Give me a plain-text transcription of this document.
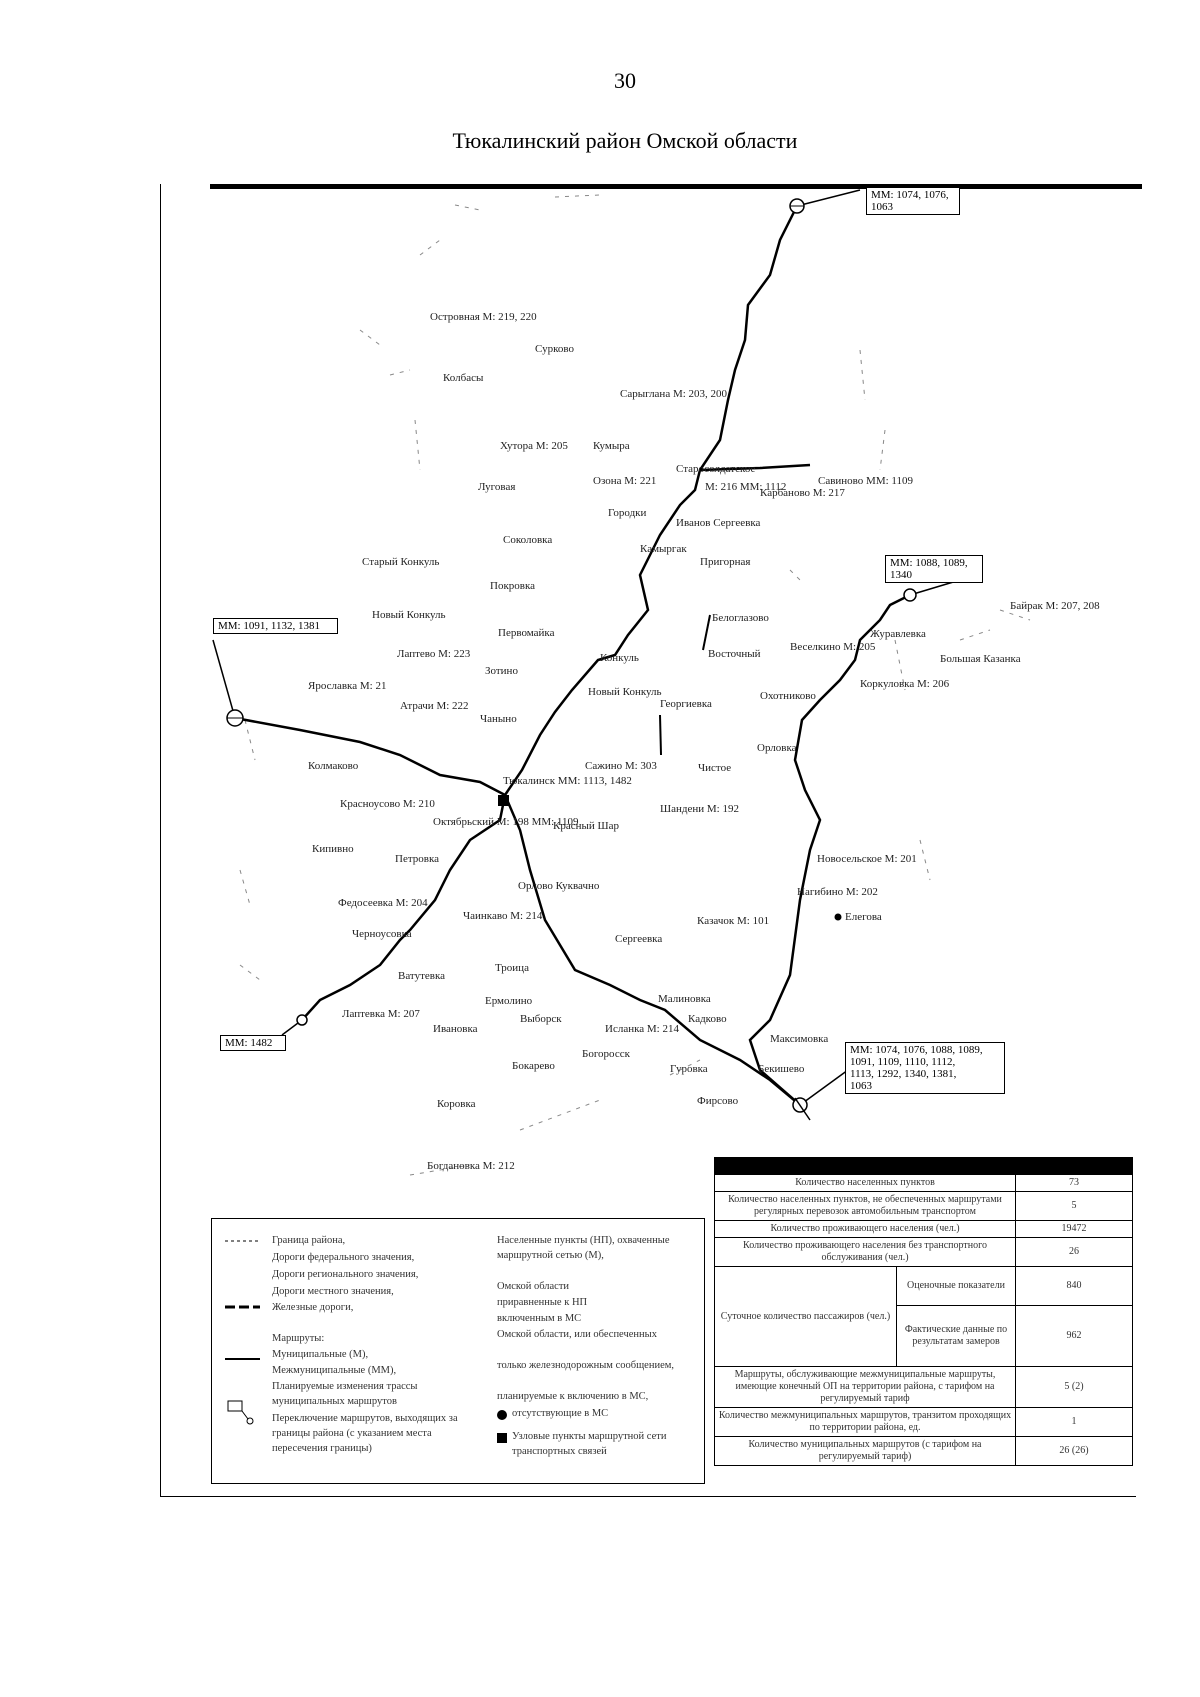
30
Тюкалинский район Омской области
ММ: 1074, 1076,
1063
ММ: 1091, 1132, 1381
ММ: 1088, 1089,
1340
ММ: 1482
ММ: 1074, 1076, 1088, 1089,
1091, 1109, 1110, 1112,
1113, 1292, 1340, 1381,
1063
Островная М: 219, 220
Сурково
Колбасы
Сарыглана М: 203, 200
Хутора М: 205 Кумыра
Озона М: 221
Луговая
Старосолдатское
Савиново ММ: 1109
М: 216 ММ: 1112
Карбаново М: 217
Городки
Иванов Сергеевка
Соколовка
Камыргак
Старый Конкуль	Пригорная
Покровка
Новый Конкуль	Белоглазово
Первомайка
Конкуль	Восточный
Веселкино М: 205
Лаптево М: 223
Зотино
Новый Конкуль
Георгиевка
Охотниково
Ярославка М: 21
Атрачи М: 222
Чаныно
Коркуловка М: 206
Журавлевка
Байрак М: 207, 208
Большая Казанка
Орловка
Колмаково
Тюкалинск ММ: 1113, 1482
Сажино М: 303	Чистое
Красноусово М: 210
Октябрьский М: 198 ММ: 1109
Красный Шар
Шандени М: 192
Кипивно
Петровка	Новосельское М: 201
Нагибино М: 202
Елегова
Орлово Куквачно
Федосеевка М: 204
Чаинкаво М: 214	Казачок М: 101
Черноусовка	Сергеевка
Ватутевка
Троица
Малиновка
Ермолино
Лаптевка М: 207	Выборск	Кадково
Ивановка	Исланка М: 214
Максимовка
Богоросск
Бокарево	Гуровка	Бекишево
Фирсово
Коровка
Богдановка М: 212
Граница района,
Дороги федерального значения,
Дороги регионального значения,
Дороги местного значения,
Железные дороги,
Маршруты:
Муниципальные (М),
Межмуниципальные (ММ),
Планируемые изменения трассы муниципальных маршрутов
Переключение маршрутов, выходящих за границы района (с указанием места пересечения границы)
Населенные пункты (НП), охваченные маршрутной сетью (М),
Омской области
приравненные к НП
включенным в МС
Омской области, или обеспеченных
только железнодорожным сообщением,
планируемые к включению в МС,
отсутствующие в МС
Узловые пункты маршрутной сети транспортных связей

Количество населенных пунктов		73
Количество населенных пунктов, не обеспеченных маршрутами регулярных перевозок автомобильным транспортом		5
Количество проживающего населения (чел.)		19472
Количество проживающего населения без транспортного обслуживания (чел.)		26
Суточное количество пассажиров (чел.)	Оценочные показатели	840
	Фактические данные по результатам замеров	962
Маршруты, обслуживающие межмуниципальные маршруты, имеющие конечный ОП на территории района, с тарифом на регулируемый тариф		5 (2)
Количество межмуниципальных маршрутов, транзитом проходящих по территории района, ед.		1
Количество муниципальных маршрутов (с тарифом на регулируемый тариф)		26 (26)
